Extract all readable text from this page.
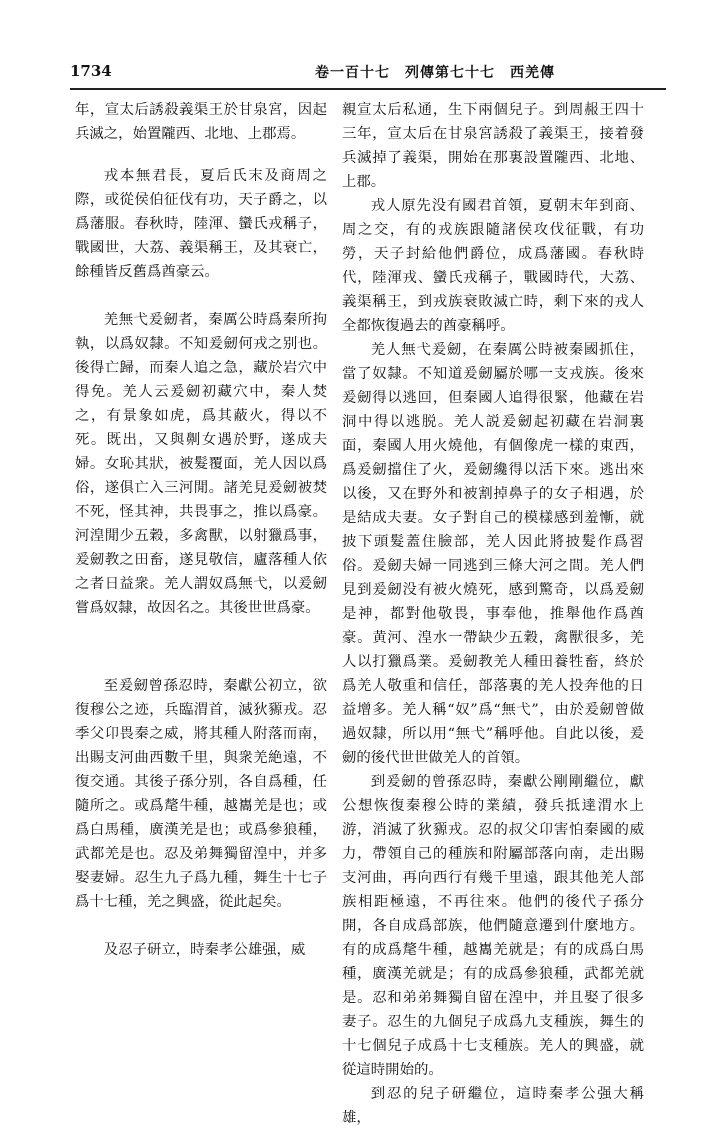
1734	卷一百十七　列傳第七十七　西羌傳

年，宣太后誘殺義渠王於甘泉宮，因起兵滅之，始置隴西、北地、上郡焉。

戎本無君長，夏后氏末及商周之際，或從侯伯征伐有功，天子爵之，以爲藩服。春秋時，陸渾、蠻氏戎稱子，戰國世，大荔、義渠稱王，及其衰亡，餘種皆反舊爲酋豪云。

羌無弋爰劒者，秦厲公時爲秦所拘執，以爲奴隸。不知爰劒何戎之别也。後得亡歸，而秦人追之急，藏於岩穴中得免。羌人云爰劒初藏穴中，秦人焚之，有景象如虎，爲其蔽火，得以不死。既出，又與劓女遇於野，遂成夫婦。女恥其狀，被髮覆面，羌人因以爲俗，遂俱亡入三河閒。諸羌見爰劒被焚不死，怪其神，共畏事之，推以爲豪。河湟閒少五穀，多禽獸，以射獵爲事，爰劒教之田畜，遂見敬信，廬落種人依之者日益衆。羌人謂奴爲無弋，以爰劒嘗爲奴隸，故因名之。其後世世爲豪。

至爰劒曾孫忍時，秦獻公初立，欲復穆公之迹，兵臨渭首，滅狄豲戎。忍季父卬畏秦之威，將其種人附落而南，出賜支河曲西數千里，與衆羌絶遠，不復交通。其後子孫分别，各自爲種，任隨所之。或爲氂牛種，越巂羌是也；或爲白馬種，廣漢羌是也；或爲參狼種，武都羌是也。忍及弟舞獨留湟中，并多娶妻婦。忍生九子爲九種，舞生十七子爲十七種，羌之興盛，從此起矣。

及忍子研立，時秦孝公雄强，威

親宣太后私通，生下兩個兒子。到周赧王四十三年，宣太后在甘泉宮誘殺了義渠王，接着發兵滅掉了義渠，開始在那裏設置隴西、北地、上郡。

戎人原先没有國君首領，夏朝末年到商、周之交，有的戎族跟隨諸侯攻伐征戰，有功勞，天子封給他們爵位，成爲藩國。春秋時代，陸渾戎、蠻氏戎稱子，戰國時代，大荔、義渠稱王，到戎族衰敗滅亡時，剩下來的戎人全都恢復過去的酋豪稱呼。

羌人無弋爰劒，在秦厲公時被秦國抓住，當了奴隸。不知道爰劒屬於哪一支戎族。後來爰劒得以逃回，但秦國人追得很緊，他藏在岩洞中得以逃脱。羌人説爰劒起初藏在岩洞裏面，秦國人用火燒他，有個像虎一樣的東西，爲爰劒擋住了火，爰劒纔得以活下來。逃出來以後，又在野外和被割掉鼻子的女子相遇，於是結成夫妻。女子對自己的模樣感到羞慚，就披下頭髮蓋住臉部，羌人因此將披髮作爲習俗。爰劒夫婦一同逃到三條大河之間。羌人們見到爰劒没有被火燒死，感到驚奇，以爲爰劒是神，都對他敬畏，事奉他，推舉他作爲酋豪。黄河、湟水一帶缺少五穀，禽獸很多，羌人以打獵爲業。爰劒教羌人種田養牲畜，終於爲羌人敬重和信任，部落裏的羌人投奔他的日益增多。羌人稱“奴”爲“無弋”，由於爰劒曾做過奴隸，所以用“無弋”稱呼他。自此以後，爰劒的後代世世做羌人的首領。

到爰劒的曾孫忍時，秦獻公剛剛繼位，獻公想恢復秦穆公時的業績，發兵抵達渭水上游，消滅了狄豲戎。忍的叔父卬害怕秦國的威力，帶領自己的種族和附屬部落向南，走出賜支河曲，再向西行有幾千里遠，跟其他羌人部族相距極遠，不再往來。他們的後代子孫分開，各自成爲部族，他們隨意遷到什麼地方。有的成爲氂牛種，越巂羌就是；有的成爲白馬種，廣漢羌就是；有的成爲參狼種，武都羌就是。忍和弟弟舞獨自留在湟中，并且娶了很多妻子。忍生的九個兒子成爲九支種族，舞生的十七個兒子成爲十七支種族。羌人的興盛，就從這時開始的。

到忍的兒子研繼位，這時秦孝公强大稱雄，
